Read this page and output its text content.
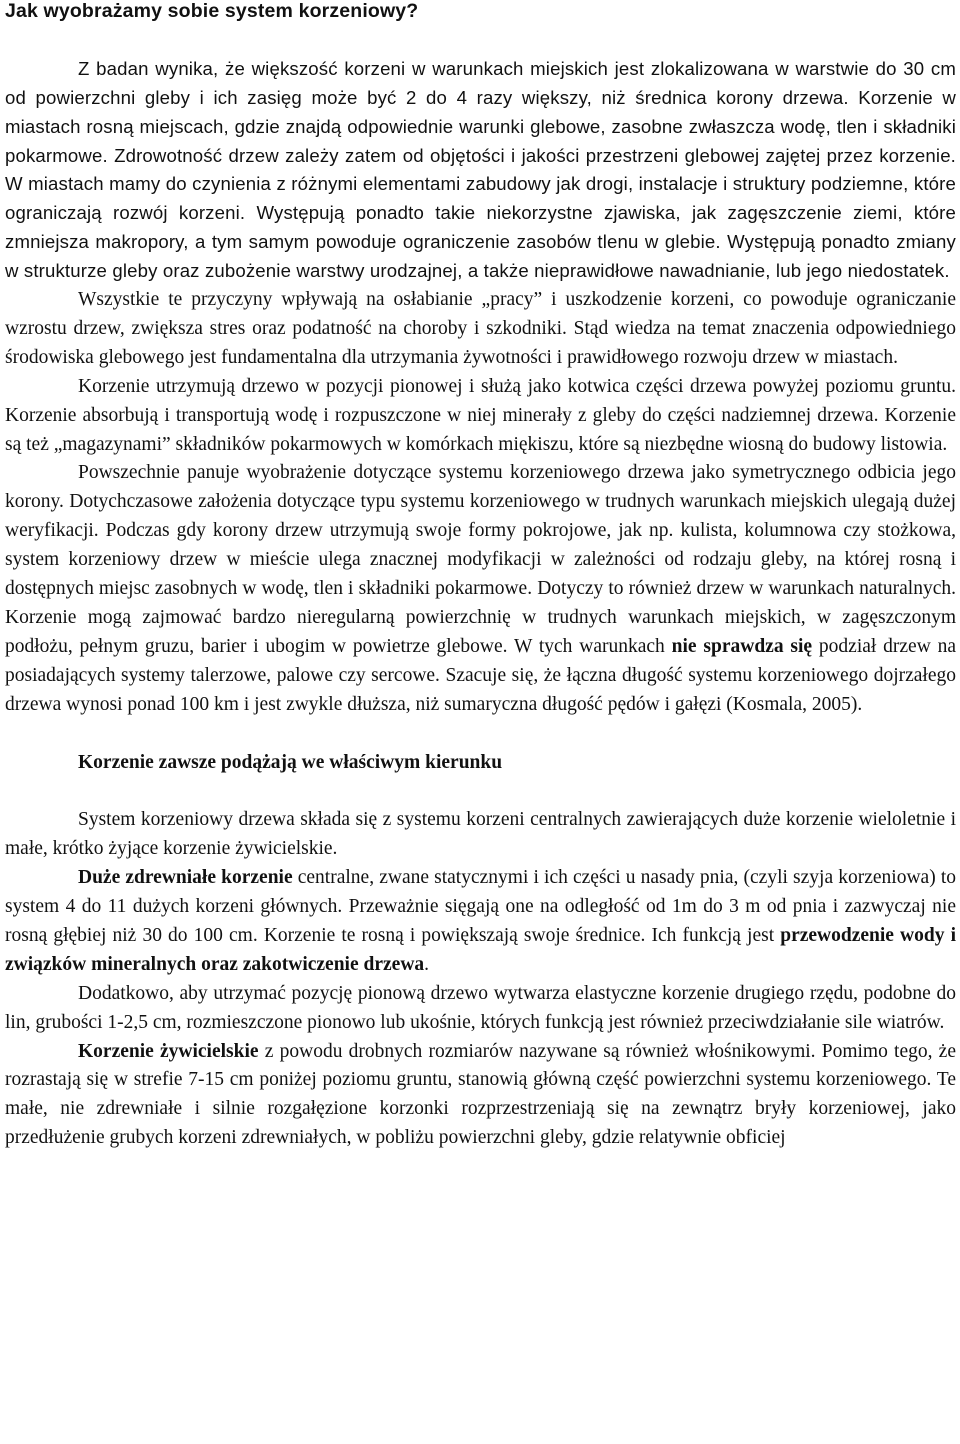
Jak wyobrażamy sobie system korzeniowy?

Z badan wynika, że większość korzeni w warunkach miejskich jest zlokalizowana w warstwie do 30 cm od powierzchni gleby i ich zasięg może być 2 do 4 razy większy, niż średnica korony drzewa. Korzenie w miastach rosną miejscach, gdzie znajdą odpowiednie warunki glebowe, zasobne zwłaszcza wodę, tlen i składniki pokarmowe. Zdrowotność drzew zależy zatem od objętości i jakości przestrzeni glebowej zajętej przez korzenie. W miastach mamy do czynienia z różnymi elementami zabudowy jak drogi, instalacje i struktury podziemne, które ograniczają rozwój korzeni. Występują ponadto takie niekorzystne zjawiska, jak zagęszczenie ziemi, które zmniejsza makropory, a tym samym powoduje ograniczenie zasobów tlenu w glebie. Występują ponadto zmiany w strukturze gleby oraz zubożenie warstwy urodzajnej, a także nieprawidłowe nawadnianie, lub jego niedostatek.

Wszystkie te przyczyny wpływają na osłabianie „pracy” i uszkodzenie korzeni, co powoduje ograniczanie wzrostu drzew, zwiększa stres oraz podatność na choroby i szkodniki. Stąd wiedza na temat znaczenia odpowiedniego środowiska glebowego jest fundamentalna dla utrzymania żywotności i prawidłowego rozwoju drzew w miastach.

Korzenie utrzymują drzewo w pozycji pionowej i służą jako kotwica części drzewa powyżej poziomu gruntu. Korzenie absorbują i transportują wodę i rozpuszczone w niej minerały z gleby do części nadziemnej drzewa. Korzenie są też „magazynami” składników pokarmowych w komórkach miękiszu, które są niezbędne wiosną do budowy listowia.

Powszechnie panuje wyobrażenie dotyczące systemu korzeniowego drzewa jako symetrycznego odbicia jego korony. Dotychczasowe założenia dotyczące typu systemu korzeniowego w trudnych warunkach miejskich ulegają dużej weryfikacji. Podczas gdy korony drzew utrzymują swoje formy pokrojowe, jak np. kulista, kolumnowa czy stożkowa, system korzeniowy drzew w mieście ulega znacznej modyfikacji w zależności od rodzaju gleby, na której rosną i dostępnych miejsc zasobnych w wodę, tlen i składniki pokarmowe. Dotyczy to również drzew w warunkach naturalnych. Korzenie mogą zajmować bardzo nieregularną powierzchnię w trudnych warunkach miejskich, w zagęszczonym podłożu, pełnym gruzu, barier i ubogim w powietrze glebowe. W tych warunkach nie sprawdza się podział drzew na posiadających systemy talerzowe, palowe czy sercowe. Szacuje się, że łączna długość systemu korzeniowego dojrzałego drzewa wynosi ponad 100 km i jest zwykle dłuższa, niż sumaryczna długość pędów i gałęzi (Kosmala, 2005).

Korzenie zawsze podążają we właściwym kierunku

System korzeniowy drzewa składa się z systemu korzeni centralnych zawierających duże korzenie wieloletnie i małe, krótko żyjące korzenie żywicielskie.

Duże zdrewniałe korzenie centralne, zwane statycznymi i ich części u nasady pnia, (czyli szyja korzeniowa) to system 4 do 11 dużych korzeni głównych. Przeważnie sięgają one na odległość od 1m do 3 m od pnia i zazwyczaj nie rosną głębiej niż 30 do 100 cm. Korzenie te rosną i powiększają swoje średnice. Ich funkcją jest przewodzenie wody i związków mineralnych oraz zakotwiczenie drzewa.

Dodatkowo, aby utrzymać pozycję pionową drzewo wytwarza elastyczne korzenie drugiego rzędu, podobne do lin, grubości 1-2,5 cm, rozmieszczone pionowo lub ukośnie, których funkcją jest również przeciwdziałanie sile wiatrów.

Korzenie żywicielskie z powodu drobnych rozmiarów nazywane są również włośnikowymi. Pomimo tego, że rozrastają się w strefie 7-15 cm poniżej poziomu gruntu, stanowią główną część powierzchni systemu korzeniowego. Te małe, nie zdrewniałe i silnie rozgałęzione korzonki rozprzestrzeniają się na zewnątrz bryły korzeniowej, jako przedłużenie grubych korzeni zdrewniałych, w pobliżu powierzchni gleby, gdzie relatywnie obficiej
